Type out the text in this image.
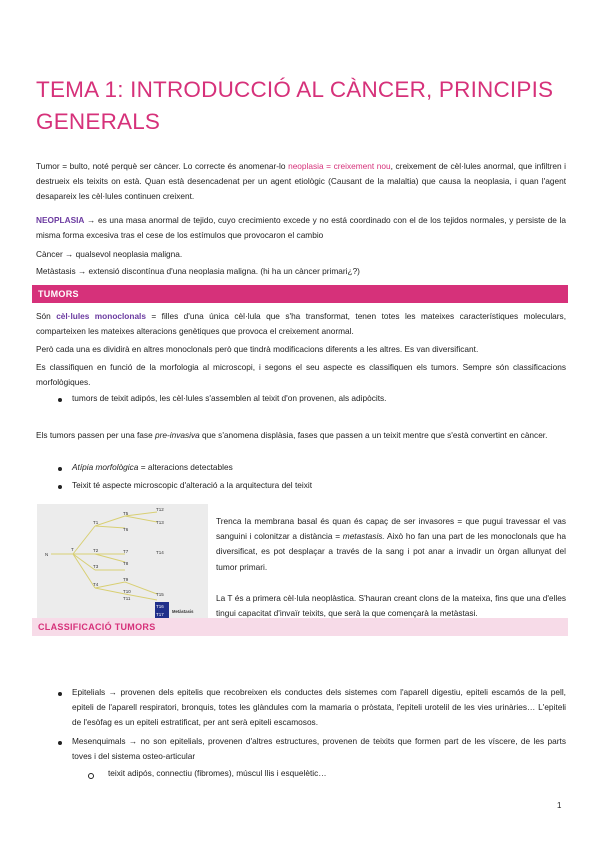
TEMA 1: INTRODUCCIÓ AL CÀNCER, PRINCIPIS GENERALS
Tumor = bulto, noté perquè ser càncer. Lo correcte és anomenar-lo neoplasia = creixement nou, creixement de cèl·lules anormal, que infiltren i destrueix els teixits on està. Quan està desencadenat per un agent etiològic (Causant de la malaltia) que causa la neoplasia, i quan l'agent desapareix les cèl·lules continuen creixent.
NEOPLASIA → es una masa anormal de tejido, cuyo crecimiento excede y no está coordinado con el de los tejidos normales, y persiste de la misma forma excesiva tras el cese de los estímulos que provocaron el cambio
Càncer → qualsevol neoplasia maligna.
Metàstasis → extensió discontínua d'una neoplasia maligna. (hi ha un càncer primari¿?)
TUMORS
Són cèl·lules monoclonals = filles d'una única cèl·lula que s'ha transformat, tenen totes les mateixes característiques moleculars, comparteixen les mateixes alteracions genètiques que provoca el creixement anormal.
Però cada una es dividirà en altres monoclonals però que tindrà modificacions diferents a les altres. Es van diversificant.
Es classifiquen en funció de la morfologia al microscopi, i segons el seu aspecte es classifiquen els tumors. Sempre són classificacions morfològiques.
tumors de teixit adipós, les cèl·lules s'assemblen al teixit d'on provenen, als adipòcits.
Els tumors passen per una fase pre-invasiva que s'anomena displàsia, fases que passen a un teixit mentre que s'està convertint en càncer.
Atípia morfològica = alteracions detectables
Teixit té aspecte microscopic d'alteració a la arquitectura del teixit
N
T
T1
T2
T3
T4
T5
T6
T7
T8
T9
T10
T11
T12
T13
T14
T15
T16
T17
Metàstasis
Trenca la membrana basal és quan és capaç de ser invasores = que pugui travessar el vas sanguini i colonitzar a distància = metastasis. Això ho fan una part de les monoclonals que ha diversificat, es pot desplaçar a través de la sang i pot anar a invadir un òrgan allunyat del tumor primari.
La T és a primera cèl·lula neoplàstica. S'hauran creant clons de la mateixa, fins que una d'elles tingui capacitat d'invaïr teixits, que serà la que començarà la metàstasi.
CLASSIFICACIÓ TUMORS
Epitelials → provenen dels epitelis que recobreixen els conductes dels sistemes com l'aparell digestiu, epiteli escamós de la pell, epiteli de l'aparell respiratori, bronquis, totes les glàndules com la mamaria o pròstata, l'epiteli urotelil de les vies urinàries… L'epiteli de l'esòfag es un epiteli estratificat, per ant serà epiteli escamosos.
Mesenquimals → no son epitelials, provenen d'altres estructures, provenen de teixits que formen part de les víscere, de les parts toves i del sistema osteo-articular
teixit adipós, connectiu (fibromes), múscul llis i esquelètic…
1
